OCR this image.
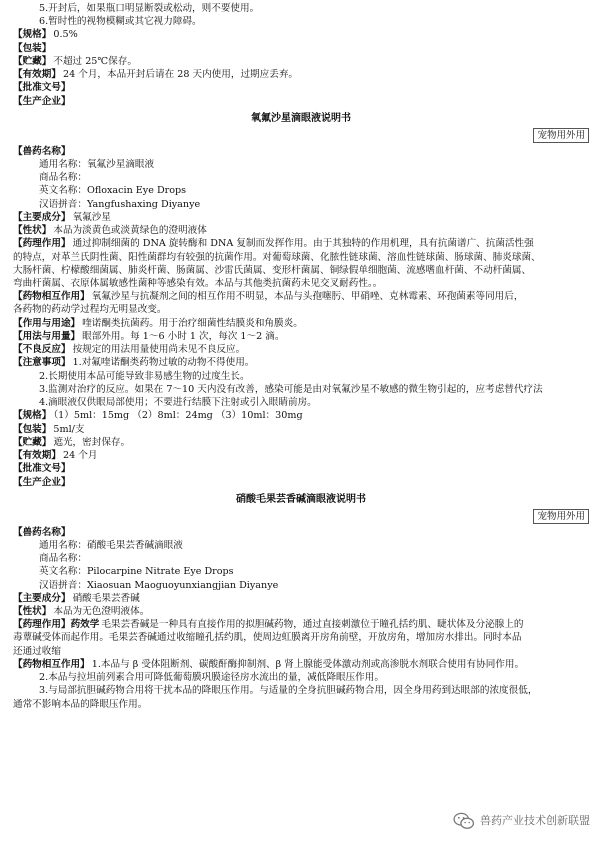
5.开封后，如果瓶口明显断裂或松动，则不要使用。
6.暂时性的视物模糊或其它视力障碍。
【规格】 0.5%
【包装】
【贮藏】 不超过 25℃保存。
【有效期】 24 个月，本品开封后请在 28 天内使用，过期应丢弃。
【批准文号】
【生产企业】
氧氟沙星滴眼液说明书
宠物用外用
【兽药名称】
通用名称：氧氟沙星滴眼液
商品名称：
英文名称：Ofloxacin Eye Drops
汉语拼音：Yangfushaxing Diyanye
【主要成分】 氧氟沙星
【性状】 本品为淡黄色或淡黄绿色的澄明液体
【药理作用】 通过抑制细菌的 DNA 旋转酶和 DNA 复制而发挥作用。由于其独特的作用机理，具有抗菌谱广、抗菌活性强
的特点，对革兰氏阴性菌、阳性菌群均有较强的抗菌作用。对葡萄球菌、化脓性链球菌、溶血性链球菌、肠球菌、肺炎球菌、
大肠杆菌、柠檬酸细菌属、肺炎杆菌、肠菌属、沙雷氏菌属、变形杆菌属、铜绿假单细胞菌、流感嗜血杆菌、不动杆菌属、
弯曲杆菌属、衣原体属敏感性菌种等感染有效。本品与其他类抗菌药未见交叉耐药性。。
【药物相互作用】 氧氟沙星与抗凝剂之间的相互作用不明显，本品与头孢噻肟、甲硝唑、克林霉素、环孢菌素等同用后，
各药物的药动学过程均无明显改变。
【作用与用途】 喹诺酮类抗菌药。用于治疗细菌性结膜炎和角膜炎。
【用法与用量】 眼部外用。每 1～6 小时 1 次，每次 1～2 滴。
【不良反应】 按规定的用法用量使用尚未见不良反应。
【注意事项】 1.对氟喹诺酮类药物过敏的动物不得使用。
2.长期使用本品可能导致非易感生物的过度生长。
3.监测对治疗的反应。如果在 7～10 天内没有改善，感染可能是由对氧氟沙星不敏感的微生物引起的，应考虑替代疗法
4.滴眼液仅供眼局部使用；不要进行结膜下注射或引入眼睛前房。
【规格】 （1）5ml：15mg （2）8ml：24mg （3）10ml：30mg
【包装】 5ml/支
【贮藏】 遮光，密封保存。
【有效期】 24 个月
【批准文号】
【生产企业】
硝酸毛果芸香碱滴眼液说明书
宠物用外用
【兽药名称】
通用名称：硝酸毛果芸香碱滴眼液
商品名称：
英文名称：Pilocarpine Nitrate Eye Drops
汉语拼音：Xiaosuan Maoguoyunxiangjian Diyanye
【主要成分】 硝酸毛果芸香碱
【性状】 本品为无色澄明液体。
【药理作用】药效学 毛果芸香碱是一种具有直接作用的拟胆碱药物，通过直接刺激位于瞳孔括约肌、睫状体及分泌腺上的
毒蕈碱受体而起作用。毛果芸香碱通过收缩瞳孔括约肌，使周边虹膜离开房角前壁，开放房角，增加房水排出。同时本品
还通过收缩
【药物相互作用】 1.本品与 β 受体阻断剂、碳酸酐酶抑制剂、β 肾上腺能受体激动剂或高渗脱水剂联合使用有协同作用。
2.本品与拉坦前列素合用可降低葡萄膜巩膜途径房水流出的量，减低降眼压作用。
3.与局部抗胆碱药物合用将干扰本品的降眼压作用。与适量的全身抗胆碱药物合用，因全身用药到达眼部的浓度很低，
通常不影响本品的降眼压作用。
兽药产业技术创新联盟
